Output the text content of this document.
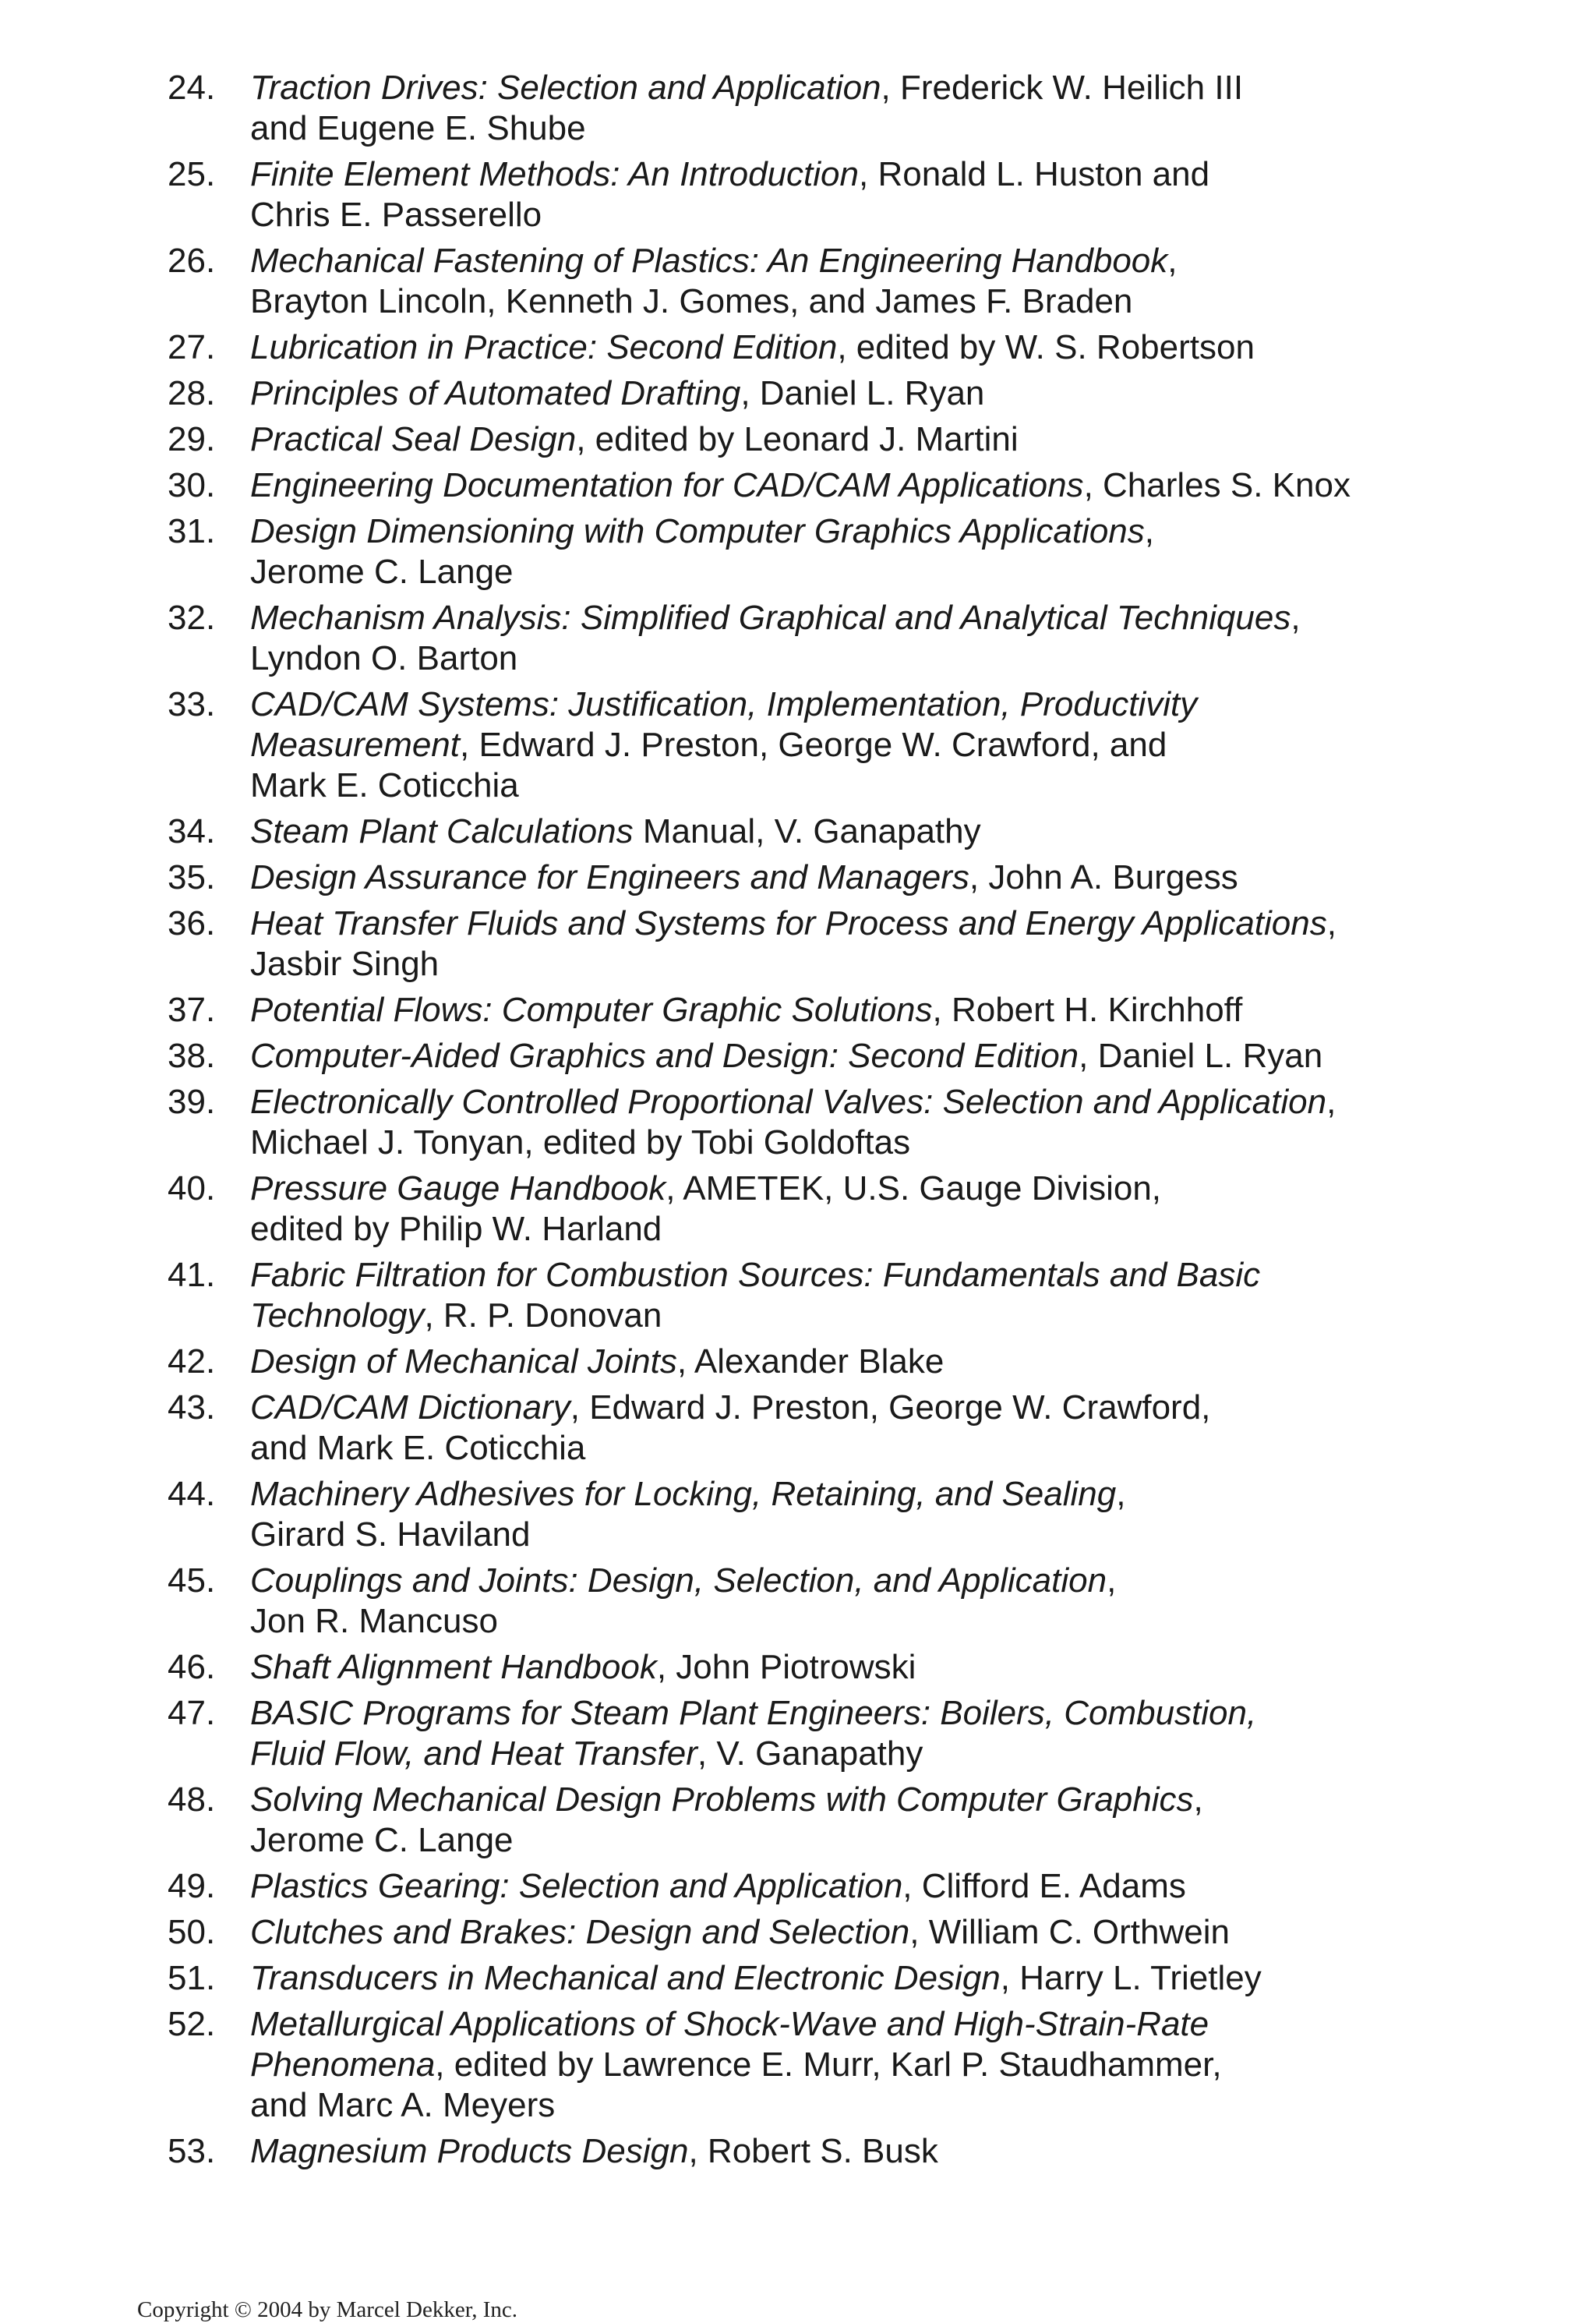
24.	Traction Drives: Selection and Application, Frederick W. Heilich III
and Eugene E. Shube
25.	Finite Element Methods: An Introduction, Ronald L. Huston and
Chris E. Passerello
26.	Mechanical Fastening of Plastics: An Engineering Handbook,
Brayton Lincoln, Kenneth J. Gomes, and James F. Braden
27.	Lubrication in Practice: Second Edition, edited by W. S. Robertson
28.	Principles of Automated Drafting, Daniel L. Ryan
29.	Practical Seal Design, edited by Leonard J. Martini
30.	Engineering Documentation for CAD/CAM Applications, Charles S. Knox
31.	Design Dimensioning with Computer Graphics Applications,
Jerome C. Lange
32.	Mechanism Analysis: Simplified Graphical and Analytical Techniques,
Lyndon O. Barton
33.	CAD/CAM Systems: Justification, Implementation, Productivity
Measurement, Edward J. Preston, George W. Crawford, and
Mark E. Coticchia
34.	Steam Plant Calculations Manual, V. Ganapathy
35.	Design Assurance for Engineers and Managers, John A. Burgess
36.	Heat Transfer Fluids and Systems for Process and Energy Applications,
Jasbir Singh
37.	Potential Flows: Computer Graphic Solutions, Robert H. Kirchhoff
38.	Computer-Aided Graphics and Design: Second Edition, Daniel L. Ryan
39.	Electronically Controlled Proportional Valves: Selection and Application,
Michael J. Tonyan, edited by Tobi Goldoftas
40.	Pressure Gauge Handbook, AMETEK, U.S. Gauge Division,
edited by Philip W. Harland
41.	Fabric Filtration for Combustion Sources: Fundamentals and Basic
Technology, R. P. Donovan
42.	Design of Mechanical Joints, Alexander Blake
43.	CAD/CAM Dictionary, Edward J. Preston, George W. Crawford,
and Mark E. Coticchia
44.	Machinery Adhesives for Locking, Retaining, and Sealing,
Girard S. Haviland
45.	Couplings and Joints: Design, Selection, and Application,
Jon R. Mancuso
46.	Shaft Alignment Handbook, John Piotrowski
47.	BASIC Programs for Steam Plant Engineers: Boilers, Combustion,
Fluid Flow, and Heat Transfer, V. Ganapathy
48.	Solving Mechanical Design Problems with Computer Graphics,
Jerome C. Lange
49.	Plastics Gearing: Selection and Application, Clifford E. Adams
50.	Clutches and Brakes: Design and Selection, William C. Orthwein
51.	Transducers in Mechanical and Electronic Design, Harry L. Trietley
52.	Metallurgical Applications of Shock-Wave and High-Strain-Rate
Phenomena, edited by Lawrence E. Murr, Karl P. Staudhammer,
and Marc A. Meyers
53.	Magnesium Products Design, Robert S. Busk
Copyright © 2004 by Marcel Dekker, Inc.
